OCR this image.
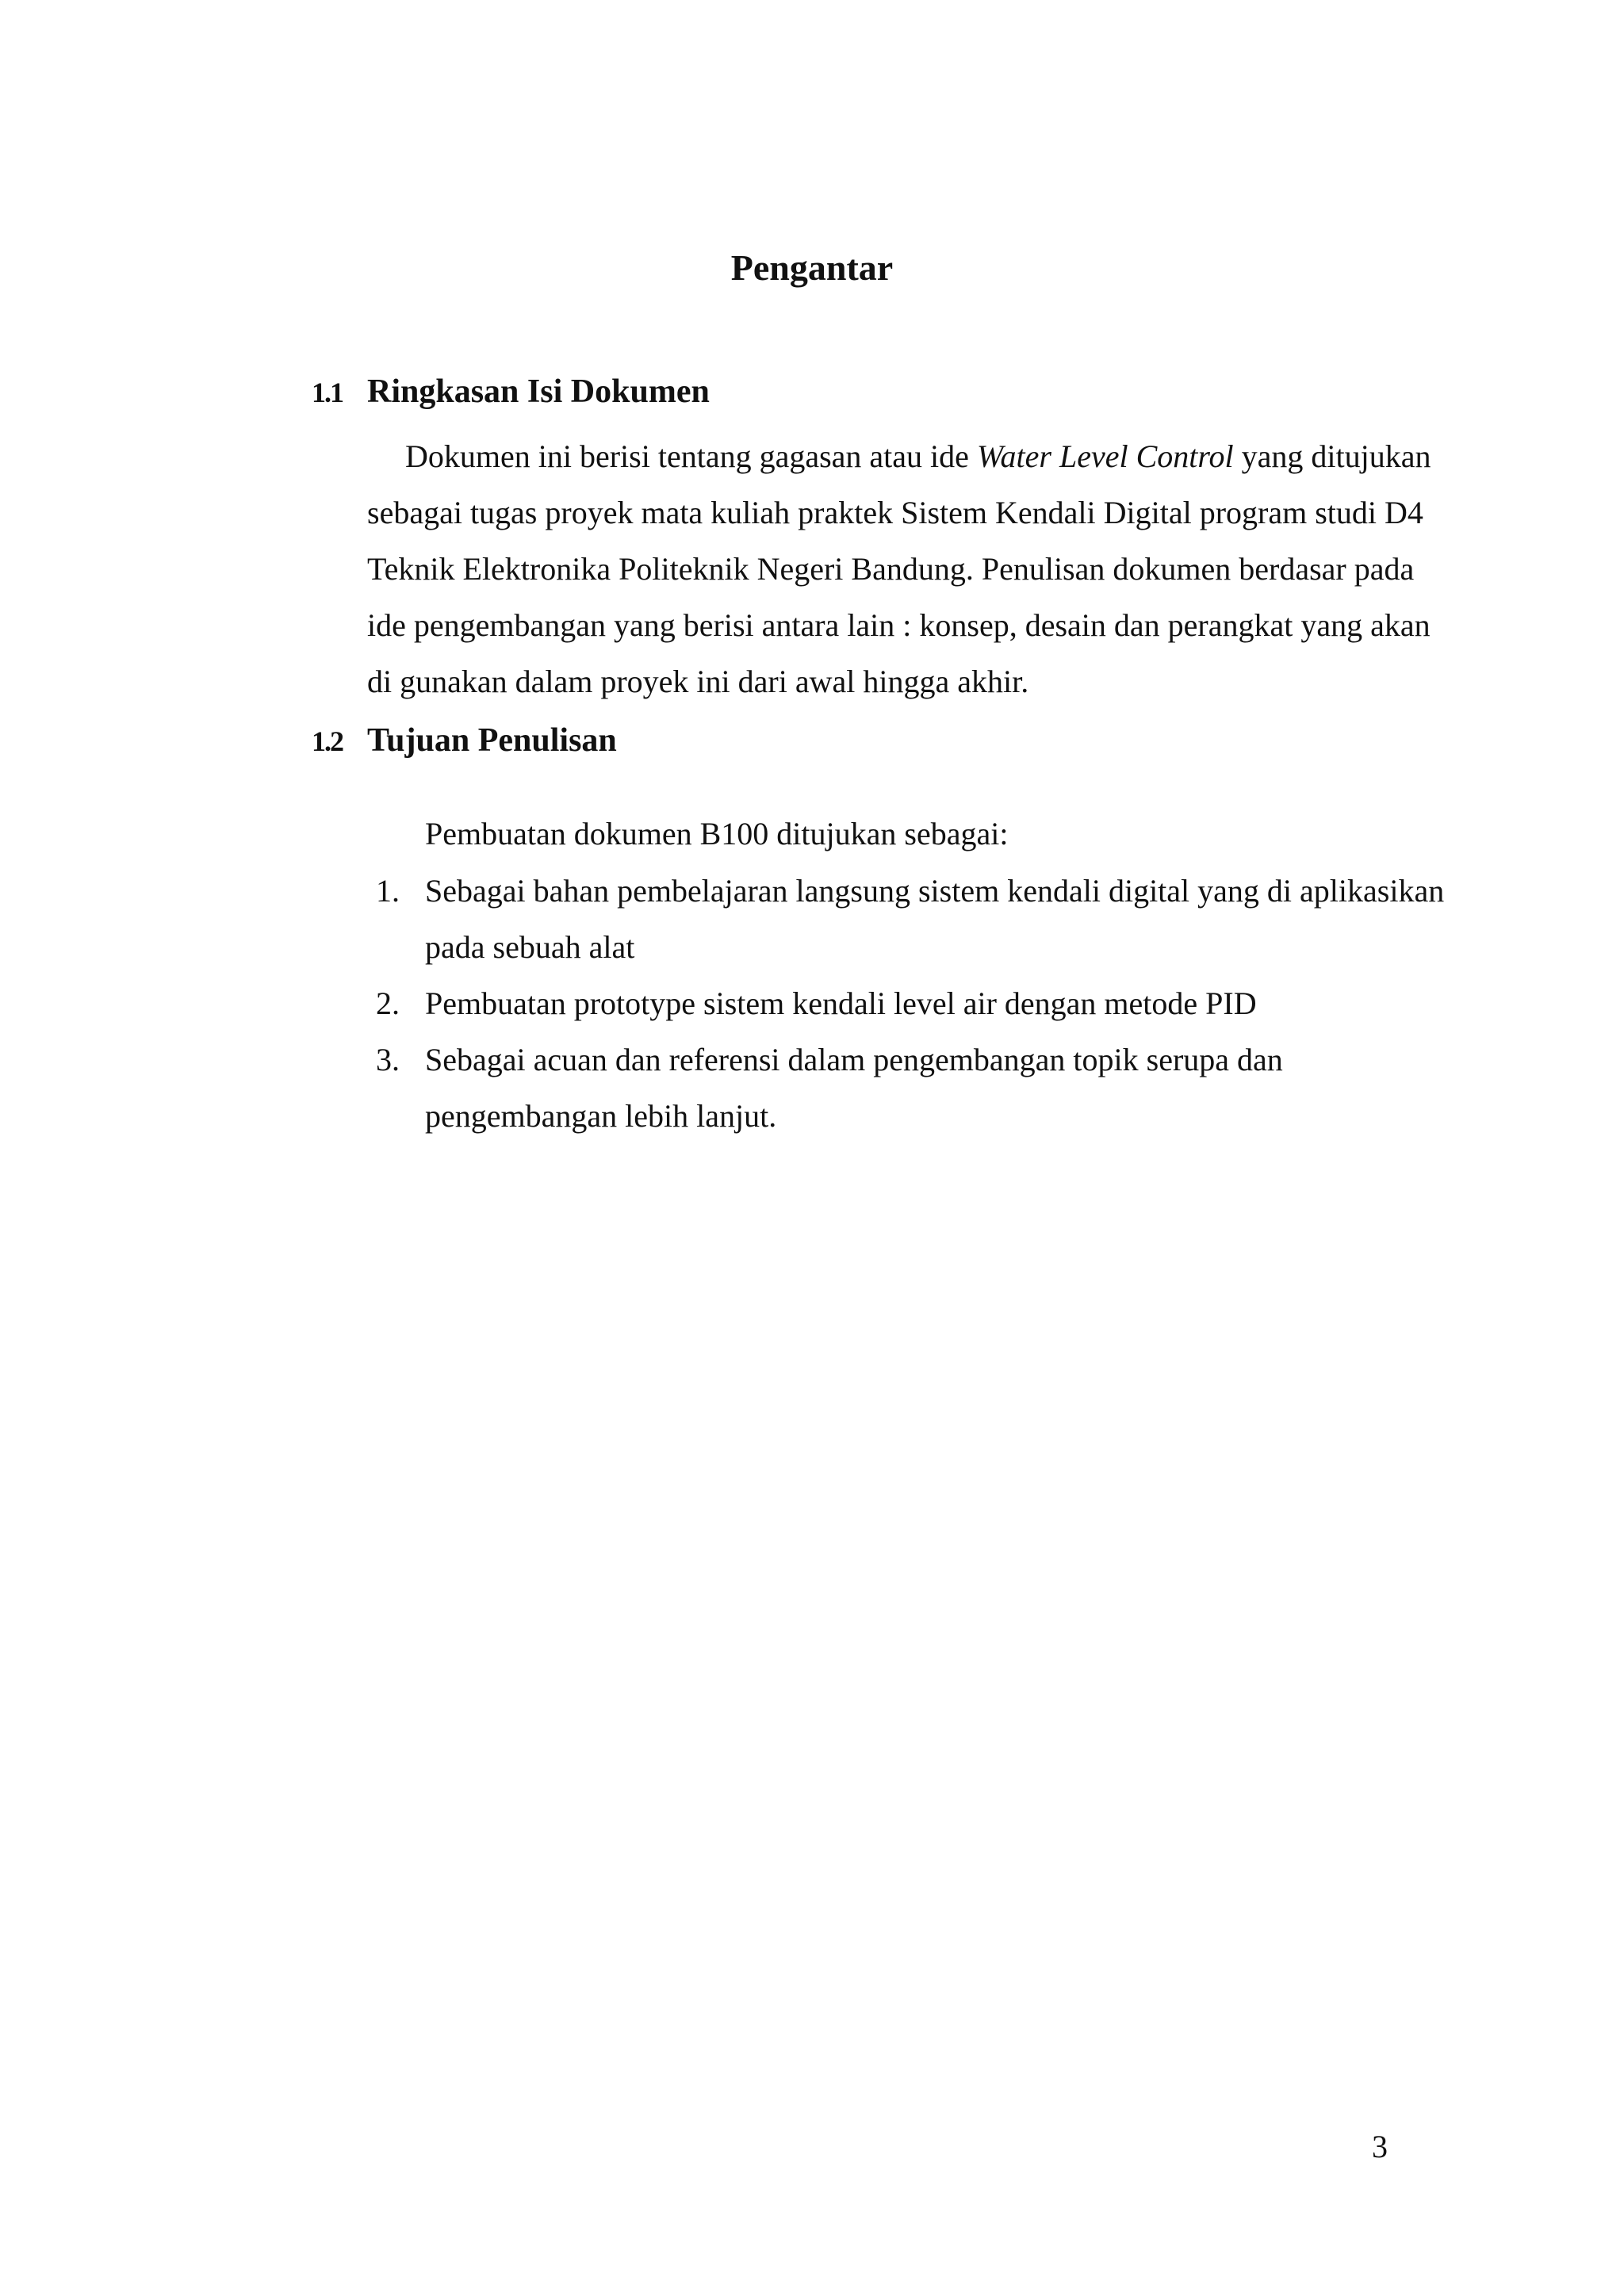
Pengantar
1.1 Ringkasan Isi Dokumen
Dokumen ini berisi tentang gagasan atau ide Water Level Control yang ditujukan
sebagai tugas proyek mata kuliah praktek Sistem Kendali Digital program studi D4
Teknik Elektronika Politeknik Negeri Bandung. Penulisan dokumen berdasar pada
ide pengembangan yang berisi antara lain : konsep, desain dan perangkat yang akan
di gunakan dalam proyek ini dari awal hingga akhir.
1.2 Tujuan Penulisan
Pembuatan dokumen B100 ditujukan sebagai:
1. Sebagai bahan pembelajaran langsung sistem kendali digital yang di aplikasikan
pada sebuah alat
2. Pembuatan prototype sistem kendali level air dengan metode PID
3. Sebagai acuan dan referensi dalam pengembangan topik serupa dan
pengembangan lebih lanjut.
3
